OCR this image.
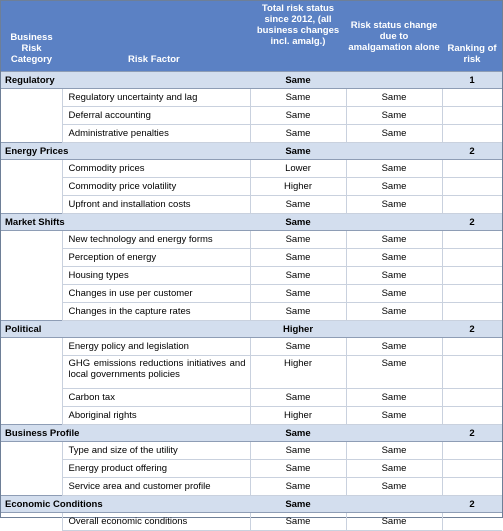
Business Risk Category	Risk Factor	Total risk status since 2012, (all business changes incl. amalg.)	Risk status change due to amalgamation alone	Ranking of risk
Regulatory		Same		1
	Regulatory uncertainty and lag	Same	Same	
	Deferral accounting	Same	Same	
	Administrative penalties	Same	Same	
Energy Prices		Same		2
	Commodity prices	Lower	Same	
	Commodity price volatility	Higher	Same	
	Upfront and installation costs	Same	Same	
Market Shifts		Same		2
	New technology and energy forms	Same	Same	
	Perception of energy	Same	Same	
	Housing types	Same	Same	
	Changes in use per customer	Same	Same	
	Changes in the capture rates	Same	Same	
Political		Higher		2
	Energy policy and legislation	Same	Same	
	GHG emissions reductions initiatives and local governments policies	Higher	Same	
	Carbon tax	Same	Same	
	Aboriginal rights	Higher	Same	
Business Profile		Same		2
	Type and size of the utility	Same	Same	
	Energy product offering	Same	Same	
	Service area and customer profile	Same	Same	
Economic Conditions		Same		2
	Overall economic conditions	Same	Same	
